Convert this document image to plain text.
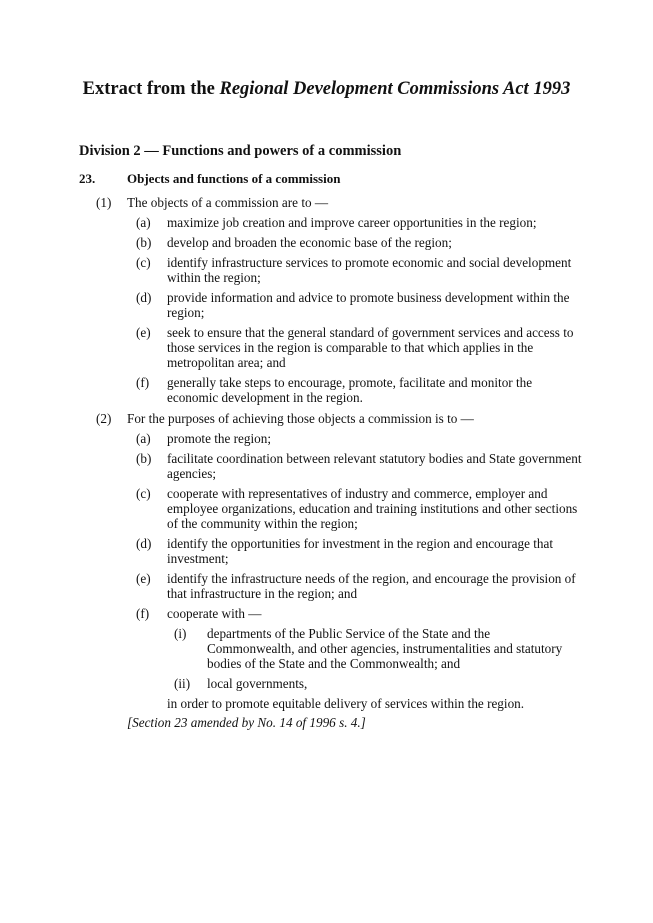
Extract from the Regional Development Commissions Act 1993
Division 2 — Functions and powers of a commission
23. Objects and functions of a commission
(1)	The objects of a commission are to —
(a)	maximize job creation and improve career opportunities in the region;
(b)	develop and broaden the economic base of the region;
(c)	identify infrastructure services to promote economic and social development within the region;
(d)	provide information and advice to promote business development within the region;
(e)	seek to ensure that the general standard of government services and access to those services in the region is comparable to that which applies in the metropolitan area; and
(f)	generally take steps to encourage, promote, facilitate and monitor the economic development in the region.
(2)	For the purposes of achieving those objects a commission is to —
(a)	promote the region;
(b)	facilitate coordination between relevant statutory bodies and State government agencies;
(c)	cooperate with representatives of industry and commerce, employer and employee organizations, education and training institutions and other sections of the community within the region;
(d)	identify the opportunities for investment in the region and encourage that investment;
(e)	identify the infrastructure needs of the region, and encourage the provision of that infrastructure in the region; and
(f)	cooperate with —
(i)	departments of the Public Service of the State and the Commonwealth, and other agencies, instrumentalities and statutory bodies of the State and the Commonwealth; and
(ii)	local governments,
in order to promote equitable delivery of services within the region.
[Section 23 amended by No. 14 of 1996 s. 4.]
